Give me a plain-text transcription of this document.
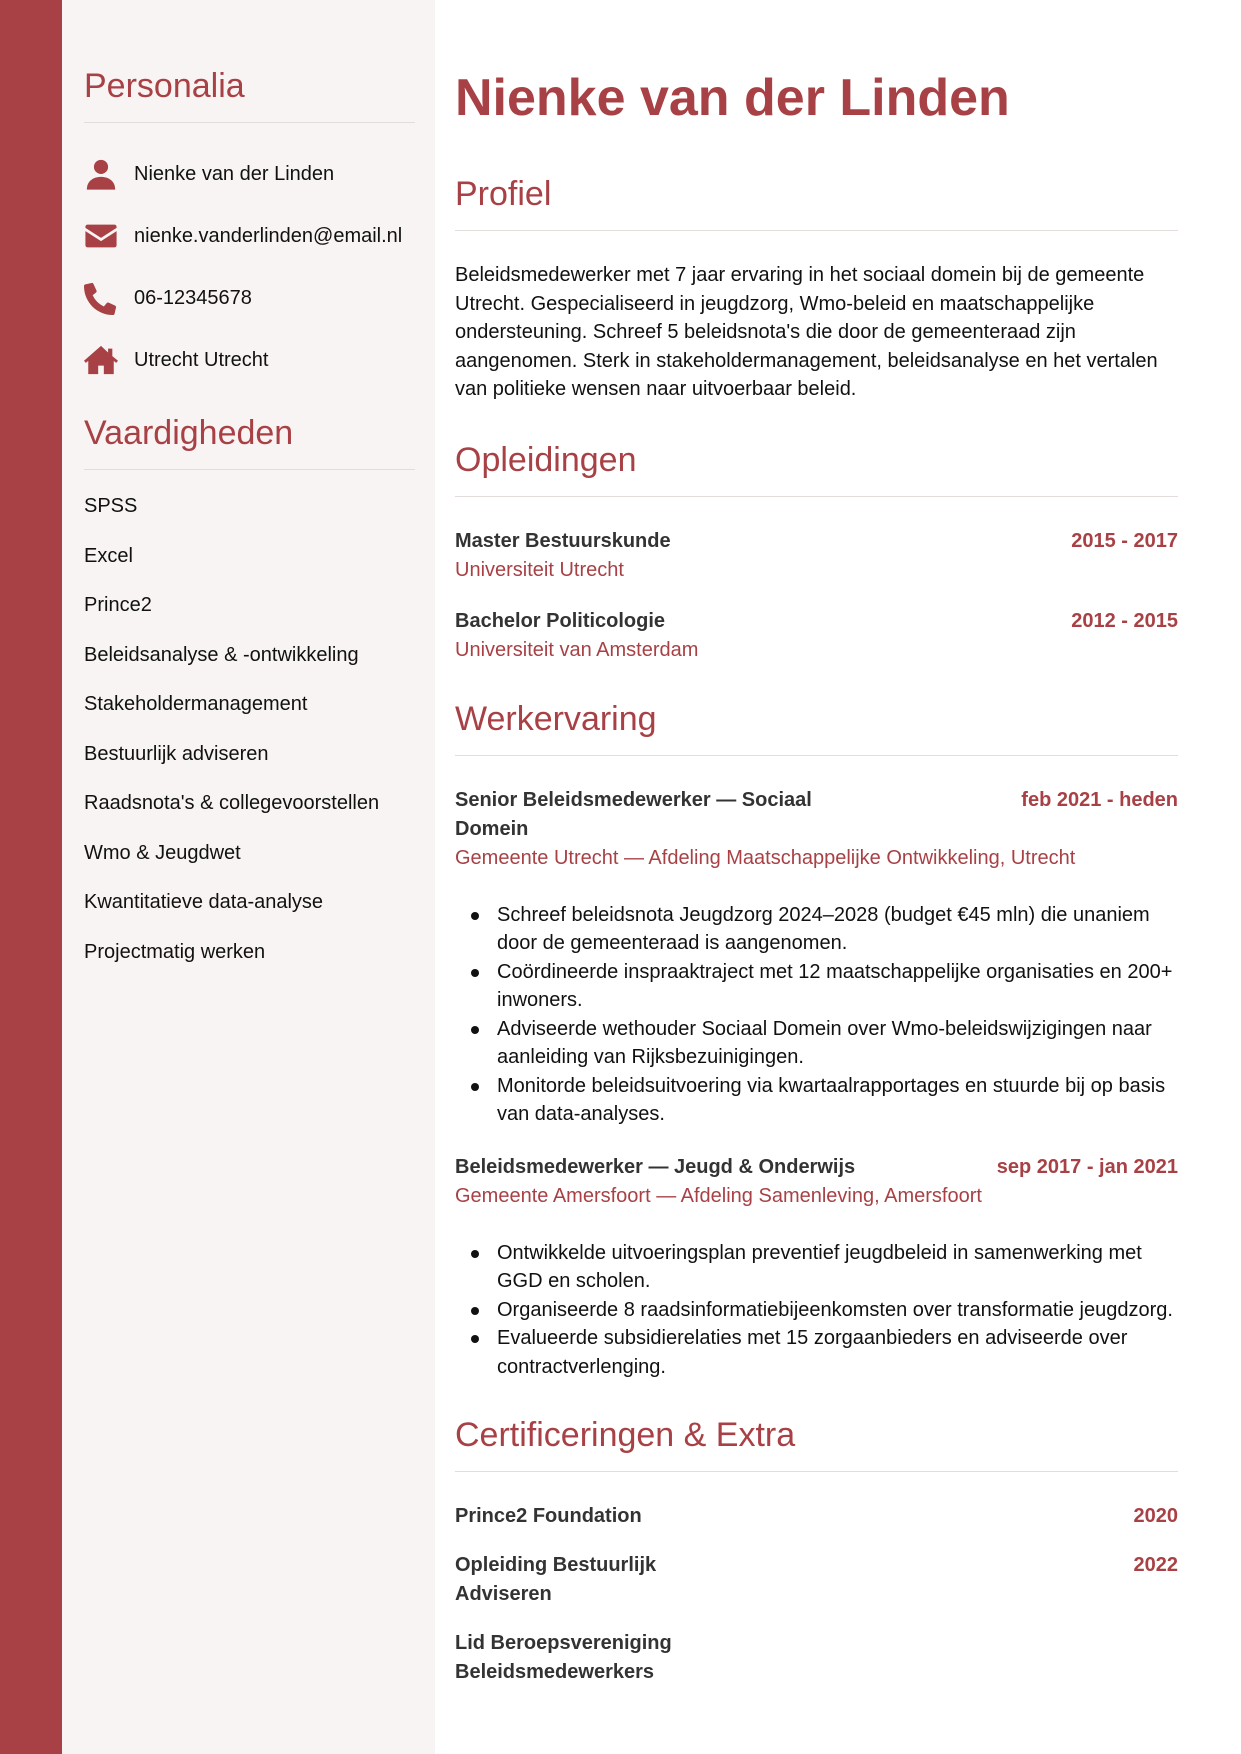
Personalia
Nienke van der Linden
nienke.vanderlinden@email.nl
06-12345678
Utrecht Utrecht
Vaardigheden
SPSS
Excel
Prince2
Beleidsanalyse & -ontwikkeling
Stakeholdermanagement
Bestuurlijk adviseren
Raadsnota's & collegevoorstellen
Wmo & Jeugdwet
Kwantitatieve data-analyse
Projectmatig werken
Nienke van der Linden
Profiel

Beleidsmedewerker met 7 jaar ervaring in het sociaal domein bij de gemeente Utrecht. Gespecialiseerd in jeugdzorg, Wmo-beleid en maatschappelijke ondersteuning. Schreef 5 beleidsnota's die door de gemeenteraad zijn aangenomen. Sterk in stakeholdermanagement, beleidsanalyse en het vertalen van politieke wensen naar uitvoerbaar beleid.

Opleidingen
Master Bestuurskunde	2015 - 2017
Universiteit Utrecht
Bachelor Politicologie	2012 - 2015
Universiteit van Amsterdam
Werkervaring
Senior Beleidsmedewerker — Sociaal Domein
feb 2021 - heden
Gemeente Utrecht — Afdeling Maatschappelijke Ontwikkeling, Utrecht
Schreef beleidsnota Jeugdzorg 2024–2028 (budget €45 mln) die unaniem door de gemeenteraad is aangenomen.
Coördineerde inspraaktraject met 12 maatschappelijke organisaties en 200+ inwoners.
Adviseerde wethouder Sociaal Domein over Wmo-beleidswijzigingen naar aanleiding van Rijksbezuinigingen.
Monitorde beleidsuitvoering via kwartaalrapportages en stuurde bij op basis van data-analyses.
Beleidsmedewerker — Jeugd & Onderwijs	sep 2017 - jan 2021
Gemeente Amersfoort — Afdeling Samenleving, Amersfoort
Ontwikkelde uitvoeringsplan preventief jeugdbeleid in samenwerking met GGD en scholen.
Organiseerde 8 raadsinformatiebijeenkomsten over transformatie jeugdzorg.
Evalueerde subsidierelaties met 15 zorgaanbieders en adviseerde over contractverlenging.
Certificeringen & Extra
Prince2 Foundation	2020
Opleiding Bestuurlijk Adviseren
2022
Lid Beroepsvereniging Beleidsmedewerkers
